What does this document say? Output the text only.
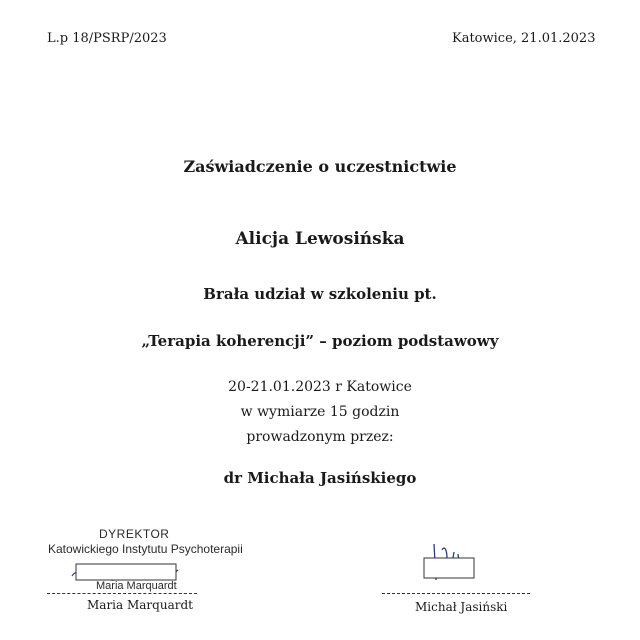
L.p 18/PSRP/2023	Katowice, 21.01.2023
Zaświadczenie o uczestnictwie
Alicja Lewosińska
Brała udział w szkoleniu pt.
„Terapia koherencji” – poziom podstawowy
20-21.01.2023 r Katowice
w wymiarze 15 godzin
prowadzonym przez:
dr Michała Jasińskiego
DYREKTOR
Katowickiego Instytutu Psychoterapii
Maria Marquardt
Maria Marquardt	Michał Jasiński
